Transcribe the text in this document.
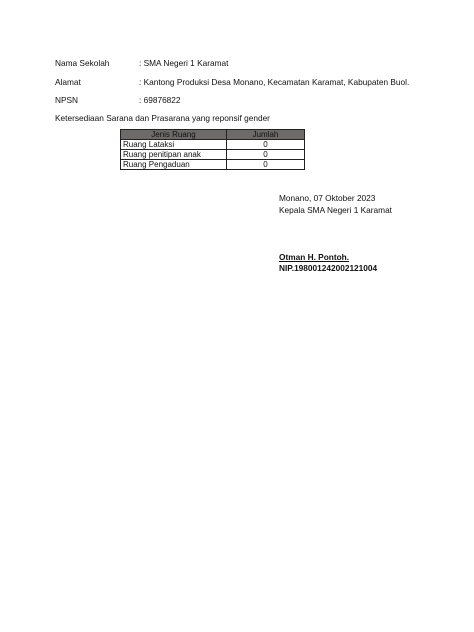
Nama Sekolah	: SMA Negeri 1 Karamat
Alamat	: Kantong Produksi Desa Monano, Kecamatan Karamat, Kabupaten Buol.
NPSN	: 69876822
Ketersediaan Sarana dan Prasarana yang reponsif gender
Jenis Ruang	Jumlah
Ruang Lataksi	0
Ruang penitipan anak	0
Ruang Pengaduan	0
Monano, 07 Oktober 2023
Kepala SMA Negeri 1 Karamat
Otman H. Pontoh.
NIP.198001242002121004
